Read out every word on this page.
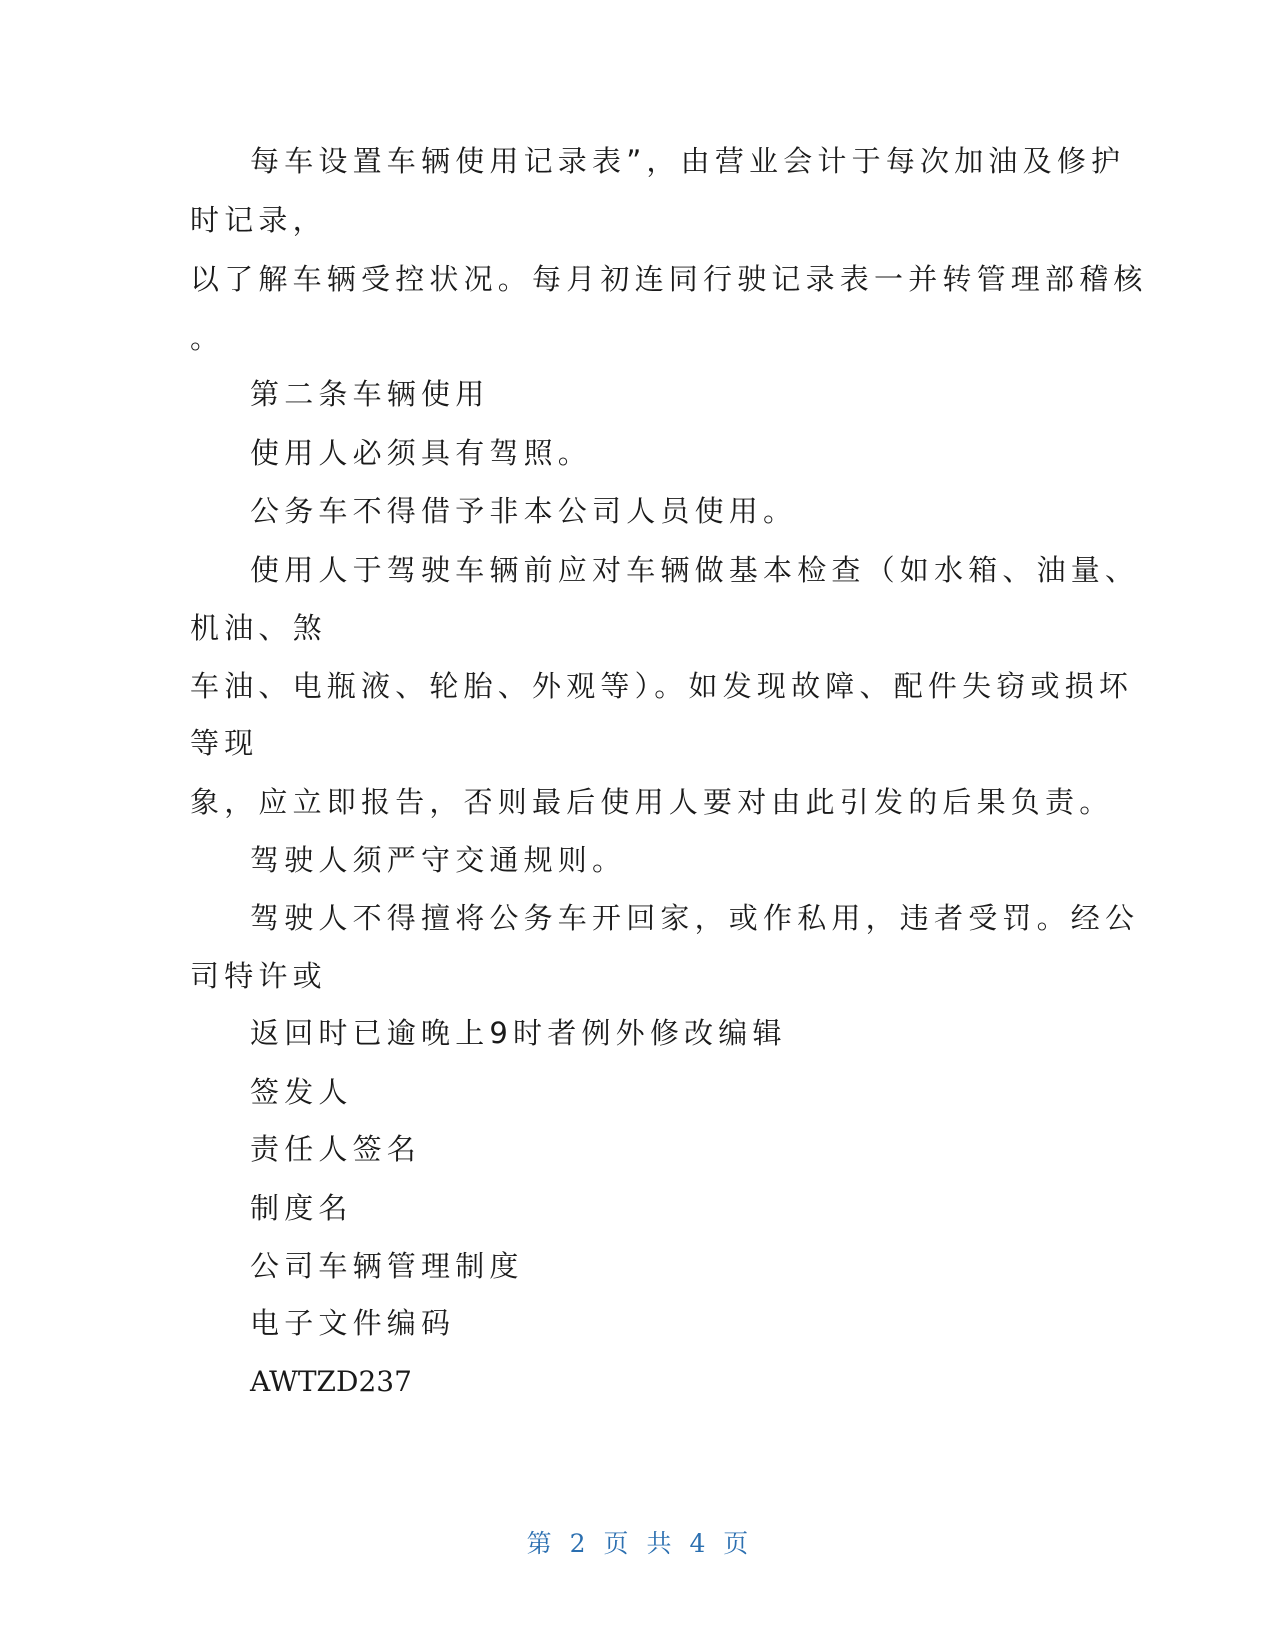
每车设置车辆使用记录表”，由营业会计于每次加油及修护
时记录，
以了解车辆受控状况。每月初连同行驶记录表一并转管理部稽核
。
第二条车辆使用
使用人必须具有驾照。
公务车不得借予非本公司人员使用。
使用人于驾驶车辆前应对车辆做基本检查（如水箱、油量、
机油、煞
车油、电瓶液、轮胎、外观等）。如发现故障、配件失窃或损坏
等现
象，应立即报告，否则最后使用人要对由此引发的后果负责。
驾驶人须严守交通规则。
驾驶人不得擅将公务车开回家，或作私用，违者受罚。经公
司特许或
返回时已逾晚上9时者例外修改编辑
签发人
责任人签名
制度名
公司车辆管理制度
电子文件编码
AWTZD237
第 2 页 共 4 页
